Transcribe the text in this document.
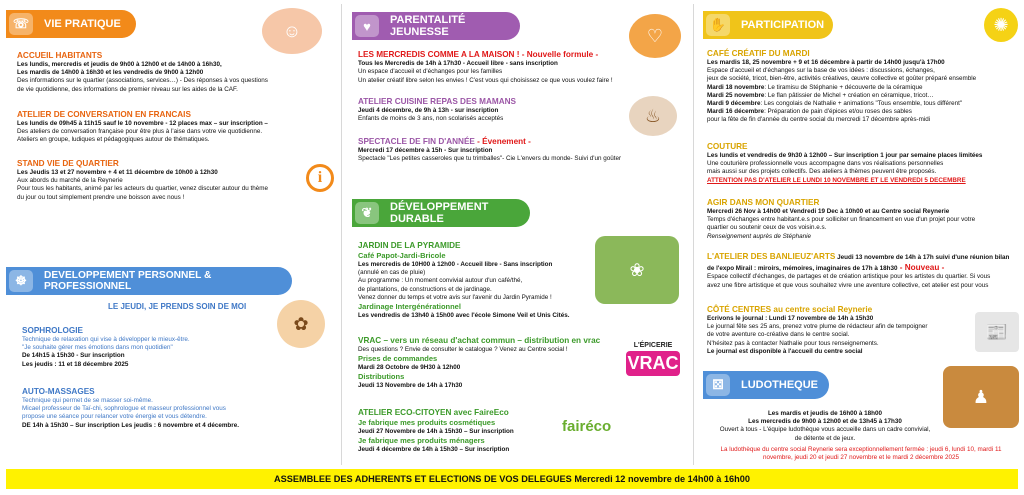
☏	VIE PRATIQUE	☺
ACCUEIL HABITANTS
Les lundis, mercredis et jeudis de 9h00 à 12h00 et de 14h00 à 16h30,
Les mardis de 14h00 à 16h30 et les vendredis de 9h00 à 12h00
Des informations sur le quartier (associations, services…) - Des réponses à vos questions
de vie quotidienne, des informations de premier niveau sur les aides de la CAF.
ATELIER DE CONVERSATION EN FRANCAIS
Les lundis de 09h45 à 11h15 sauf le 10 novembre - 12 places max – sur inscription –
Des ateliers de conversation française pour être plus à l'aise dans votre vie quotidienne.
Ateliers en groupe, ludiques et pédagogiques autour de thématiques.
STAND VIE DE QUARTIER
Les Jeudis 13 et 27 novembre + 4 et 11 décembre de 10h00 à 12h30
Aux abords du marché de la Reynerie
Pour tous les habitants, animé par les acteurs du quartier, venez discuter autour du thème
du jour ou tout simplement prendre une boisson avec nous !
i
☸	DEVELOPPEMENT PERSONNEL & PROFESSIONNEL
LE JEUDI, JE PRENDS SOIN DE MOI
✿
SOPHROLOGIE
Technique de relaxation qui vise à développer le mieux-être.
"Je souhaite gérer mes émotions dans mon quotidien"
De 14h15 à 15h30 - Sur inscription
Les jeudis : 11 et 18 décembre 2025
AUTO-MASSAGES
Technique qui permet de se masser soi-même.
Micael professeur de Taï-chi, sophrologue et masseur professionnel vous
propose une séance pour relancer votre énergie et vous détendre.
DE 14h à 15h30 – Sur inscription Les jeudis : 6 novembre et 4 décembre.
♥	PARENTALITÉ JEUNESSE	♡
LES MERCREDIS COMME A LA MAISON ! - Nouvelle formule -
Tous les Mercredis de 14h à 17h30 - Accueil libre - sans inscription
Un espace d'accueil et d'échanges pour les familles
Un atelier créatif libre selon les envies ! C'est vous qui choisissez ce que vous voulez faire !
ATELIER CUISINE REPAS DES MAMANS
Jeudi 4 décembre, de 9h à 13h - sur inscription
Enfants de moins de 3 ans, non scolarisés acceptés	♨
SPECTACLE DE FIN D'ANNÉE - Évenement -
Mercredi 17 décembre à 15h - Sur inscription
Spectacle "Les petites casseroles que tu trimballes"- Cie L'envers du monde- Suivi d'un goûter
❦	DÉVELOPPEMENT DURABLE
JARDIN DE LA PYRAMIDE
Café Papot-Jardi-Bricole
Les mercredis de 10H00 à 12h00 - Accueil libre - Sans inscription
(annulé en cas de pluie)
Au programme : Un moment convivial autour d'un café/thé,
de plantations, de constructions et de jardinage.
Venez donner du temps et votre avis sur l'avenir du Jardin Pyramide !
Jardinage Intergénérationnel
Les vendredis de 13h40 à 15h00 avec l'école Simone Veil et Unis Cités.
❀
VRAC – vers un réseau d'achat commun – distribution en vrac
Des questions ? Envie de consulter le catalogue ? Venez au Centre social !
Prises de commandes
Mardi 28 Octobre de 9H30 à 12h00
Distributions
Jeudi 13 Novembre de 14h à 17h30
L'ÉPICERIE
VRAC
ATELIER ECO-CITOYEN avec FaireEco
Je fabrique mes produits cosmétiques
Jeudi 27 Novembre de 14h à 15h30 – Sur inscription
Je fabrique mes produits ménagers
Jeudi 4 décembre de 14h à 15h30 – Sur inscription
fairéco
✋	PARTICIPATION	✺
CAFÉ CRÉATIF DU MARDI
Les mardis 18, 25 novembre + 9 et 16 décembre à partir de 14h00 jusqu'à 17h00
Espace d'accueil et d'échanges sur la base de vos idées : discussions, échanges,
jeux de société, tricot, bien-être, activités créatives, œuvre collective et goûter préparé ensemble
Mardi 18 novembre: Le tiramisu de Stéphanie + découverte de la céramique
Mardi 25 novembre: Le flan pâtissier de Michel + création en céramique, tricot…
Mardi 9 décembre: Les congolais de Nathalie + animations "Tous ensemble, tous différent"
Mardi 16 décembre: Préparation de pain d'épices et/ou roses des sables
pour la fête de fin d'année du centre social du mercredi 17 décembre après-midi
COUTURE
Les lundis et vendredis de 9h30 à 12h00 – Sur inscription 1 jour par semaine places limitées
Une couturière professionnelle vous accompagne dans vos réalisations personnelles
mais aussi sur des projets collectifs. Des ateliers à thèmes peuvent être proposés.
ATTENTION PAS D'ATELIER LE LUNDI 10 NOVEMBRE ET LE VENDREDI 5 DECEMBRE
AGIR DANS MON QUARTIER
Mercredi 26 Nov à 14h00 et Vendredi 19 Dec à 10h00 et au Centre social Reynerie
Temps d'échanges entre habitant.e.s pour solliciter un financement en vue d'un projet pour votre
quartier ou soutenir ceux de vos voisin.e.s.
Renseignement auprès de Stéphanie
L'ATELIER DES BANLIEUZ'ARTS Jeudi 13 novembre de 14h à 17h suivi d'une réunion bilan
de l'expo Mirail : miroirs, mémoires, imaginaires de 17h à 18h30 - Nouveau -
Espace collectif d'échanges, de partages et de création artistique pour les artistes du quartier. Si vous
avez une fibre artistique et que vous souhaitez vivre une aventure collective, cet atelier est pour vous
CÔTÉ CENTRES au centre social Reynerie
Ecrivons le journal : Lundi 17 novembre de 14h à 15h30
Le journal fête ses 25 ans, prenez votre plume de rédacteur afin de tempoigner
de votre aventure co-créative dans le centre social.
N'hésitez pas à contacter Nathalie pour tous renseignements.
Le journal est disponible à l'accueil du centre social
📰
⚄	LUDOTHEQUE
♟
Les mardis et jeudis de 16h00 à 18h00
Les mercredis de 9h00 à 12h00 et de 13h45 à 17h30
Ouvert à tous - L'équipe ludothèque vous accueille dans un cadre convivial,
de détente et de jeux.
La ludothèque du centre social Reynerie sera exceptionnellement fermée : jeudi 6, lundi 10, mardi 11
novembre, jeudi 20 et jeudi 27 novembre et le mardi 2 décembre 2025
ASSEMBLEE DES ADHERENTS ET ELECTIONS DE VOS DELEGUES Mercredi 12 novembre de 14h00 à 16h00
